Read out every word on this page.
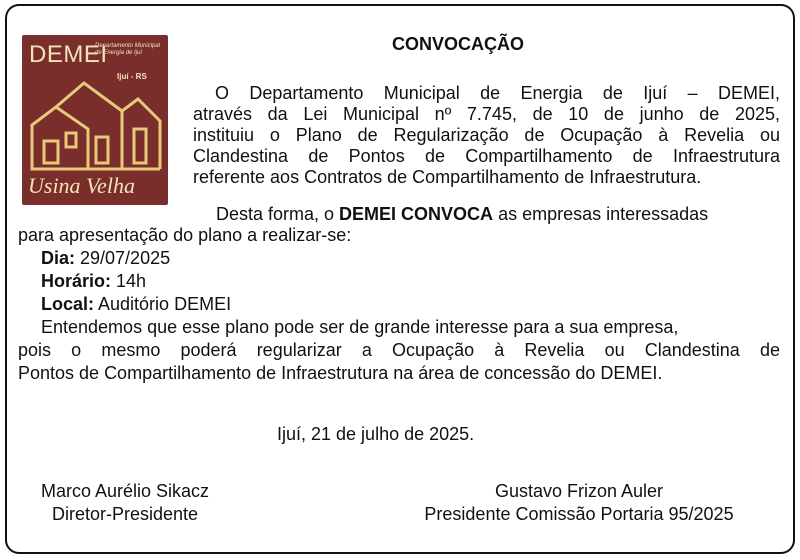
DEMEI
Departamento Municipal de Energia de Ijuí
Ijuí - RS
Usina Velha
CONVOCAÇÃO
O Departamento Municipal de Energia de Ijuí – DEMEI,
através da Lei Municipal nº 7.745, de 10 de junho de 2025,
instituiu o Plano de Regularização de Ocupação à Revelia ou
Clandestina de Pontos de Compartilhamento de Infraestrutura
referente aos Contratos de Compartilhamento de Infraestrutura.
Desta forma, o DEMEI CONVOCA as empresas interessadas
para apresentação do plano a realizar-se:
Dia: 29/07/2025
Horário: 14h
Local: Auditório DEMEI
Entendemos que esse plano pode ser de grande interesse para a sua empresa,
pois o mesmo poderá regularizar a Ocupação à Revelia ou Clandestina de
Pontos de Compartilhamento de Infraestrutura na área de concessão do DEMEI.
Ijuí, 21 de julho de 2025.
Marco Aurélio Sikacz
Diretor-Presidente
Gustavo Frizon Auler
Presidente Comissão Portaria 95/2025
